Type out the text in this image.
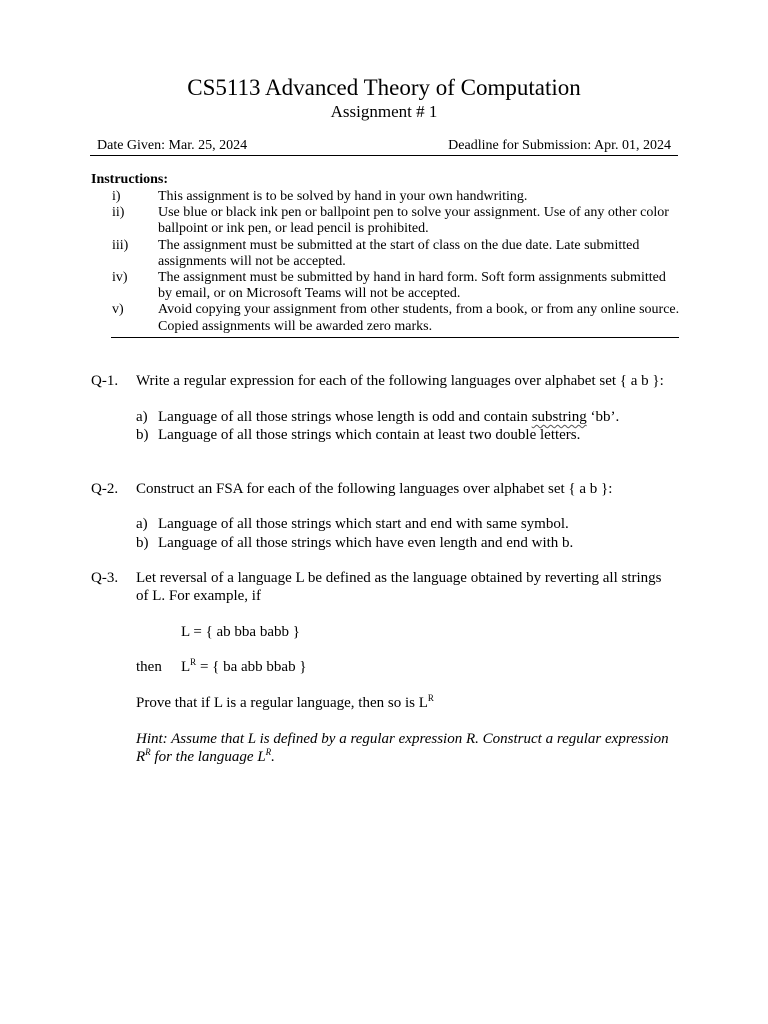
CS5113 Advanced Theory of Computation
Assignment # 1
Date Given: Mar. 25, 2024	Deadline for Submission: Apr. 01, 2024
Instructions:
i)	This assignment is to be solved by hand in your own handwriting.
ii)	Use blue or black ink pen or ballpoint pen to solve your assignment. Use of any other color ballpoint or ink pen, or lead pencil is prohibited.
iii)	The assignment must be submitted at the start of class on the due date. Late submitted assignments will not be accepted.
iv)	The assignment must be submitted by hand in hard form. Soft form assignments submitted by email, or on Microsoft Teams will not be accepted.
v)	Avoid copying your assignment from other students, from a book, or from any online source. Copied assignments will be awarded zero marks.
Q-1. Write a regular expression for each of the following languages over alphabet set { a b }:
a) Language of all those strings whose length is odd and contain substring ‘bb’.
b) Language of all those strings which contain at least two double letters.
Q-2. Construct an FSA for each of the following languages over alphabet set { a b }:
a) Language of all those strings which start and end with same symbol.
b) Language of all those strings which have even length and end with b.
Q-3. Let reversal of a language L be defined as the language obtained by reverting all strings
of L. For example, if
L = { ab bba babb }
then $L^R$ = { ba abb bbab }
Prove that if L is a regular language, then so is $L^R$
Hint: Assume that L is defined by a regular expression R. Construct a regular expression
$R^R$ for the language $L^R$.
